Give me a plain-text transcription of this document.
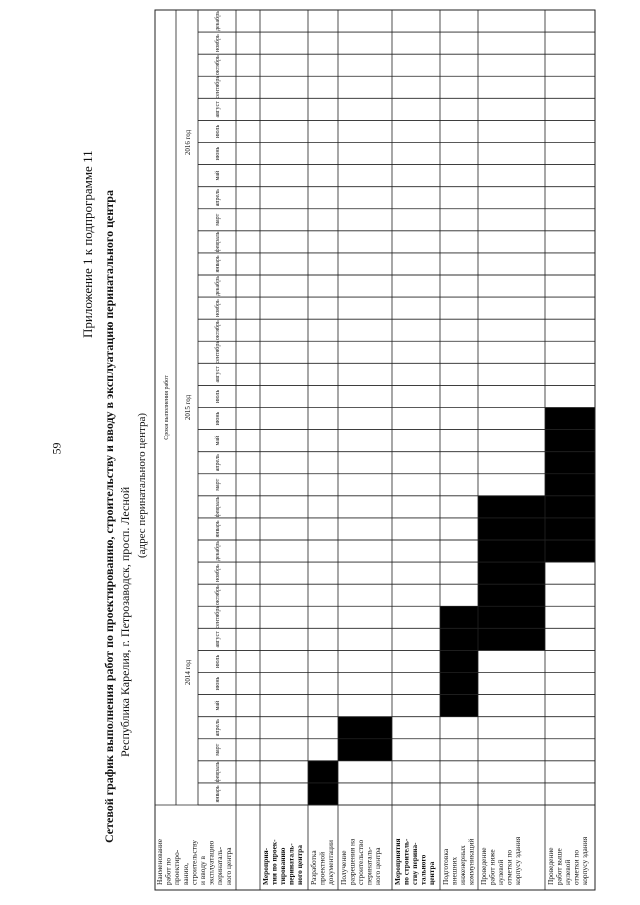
59
Приложение 1 к подпрограмме 11 Сетевой график выполнения работ по проектированию, строительству и вводу в эксплуатацию перинатального центра Республика Карелия, г. Петрозаводск, просп. Лесной
(адрес перинатального центра)
Сроки выполнения работ
2014 год
2015 год
2016 год
январь
февраль
март
апрель
май
июнь
июль
август
сентябрь
октябрь
ноябрь
декабрь
январь
февраль
март
апрель
май
июнь
июль
август
сентябрь
октябрь
ноябрь
декабрь
январь
февраль
март
апрель
май
июнь
июль
август
сентябрь
октябрь
ноябрь
декабрь
Наименование работ по проектиро- ванию, строительству и вводу в эксплуатацию перинаталь- ного центра	Мероприя- тия по проек- тированию перинаталь- ного центра Разработка проектной документации Получение разрешения на строительство перинаталь- ного центра Мероприятия по строитель- ству перина- тального центра Подготовка внешних инженерных коммуникаций Проведение работ ниже нулевой отметки по корпусу здания	Проведение работ выше нулевой отметки по корпусу здания
